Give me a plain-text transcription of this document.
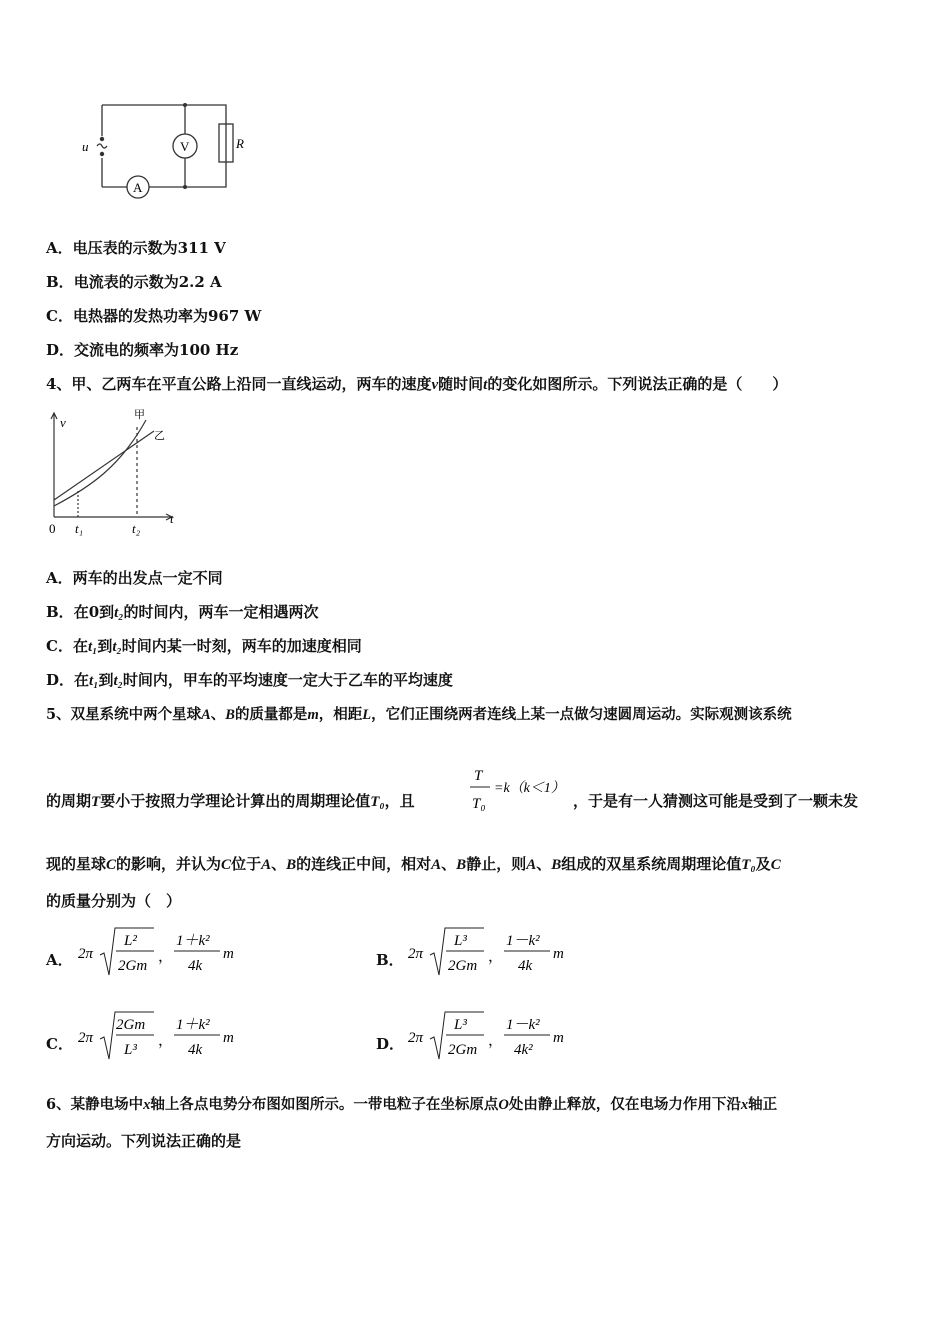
u	V	R
A
A．电压表的示数为311 V
B．电流表的示数为2.2 A
C．电热器的发热功率为967 W
D．交流电的频率为100 Hz
4、甲、乙两车在平直公路上沿同一直线运动，两车的速度v随时间t的变化如图所示。下列说法正确的是（　　）
v
t
0 t₁	t₂
甲
乙
A．两车的出发点一定不同
B．在0到t₂的时间内，两车一定相遇两次
C．在t₁到t₂时间内某一时刻，两车的加速度相同
D．在t₁到t₂时间内，甲车的平均速度一定大于乙车的平均速度
5、双星系统中两个星球A、B的质量都是m，相距L，它们正围绕两者连线上某一点做匀速圆周运动。实际观测该系统
的周期T要小于按照力学理论计算出的周期理论值T₀，且
T
T₀
=k（k＜1）
，于是有一人猜测这可能是受到了一颗未发
现的星球C的影响，并认为C位于A、B的连线正中间，相对A、B静止，则A、B组成的双星系统周期理论值T₀及C
的质量分别为（　）
A． 2π
L²
2Gm
，
1＋k²
4k
m	B． 2π
L³
2Gm
，
1－k²
4k
m
C． 2π
2Gm
L³
，
1＋k²
4k
m	D． 2π
L³
2Gm
，
1－k²
4k²
m
6、某静电场中x轴上各点电势分布图如图所示。一带电粒子在坐标原点O处由静止释放，仅在电场力作用下沿x轴正
方向运动。下列说法正确的是
